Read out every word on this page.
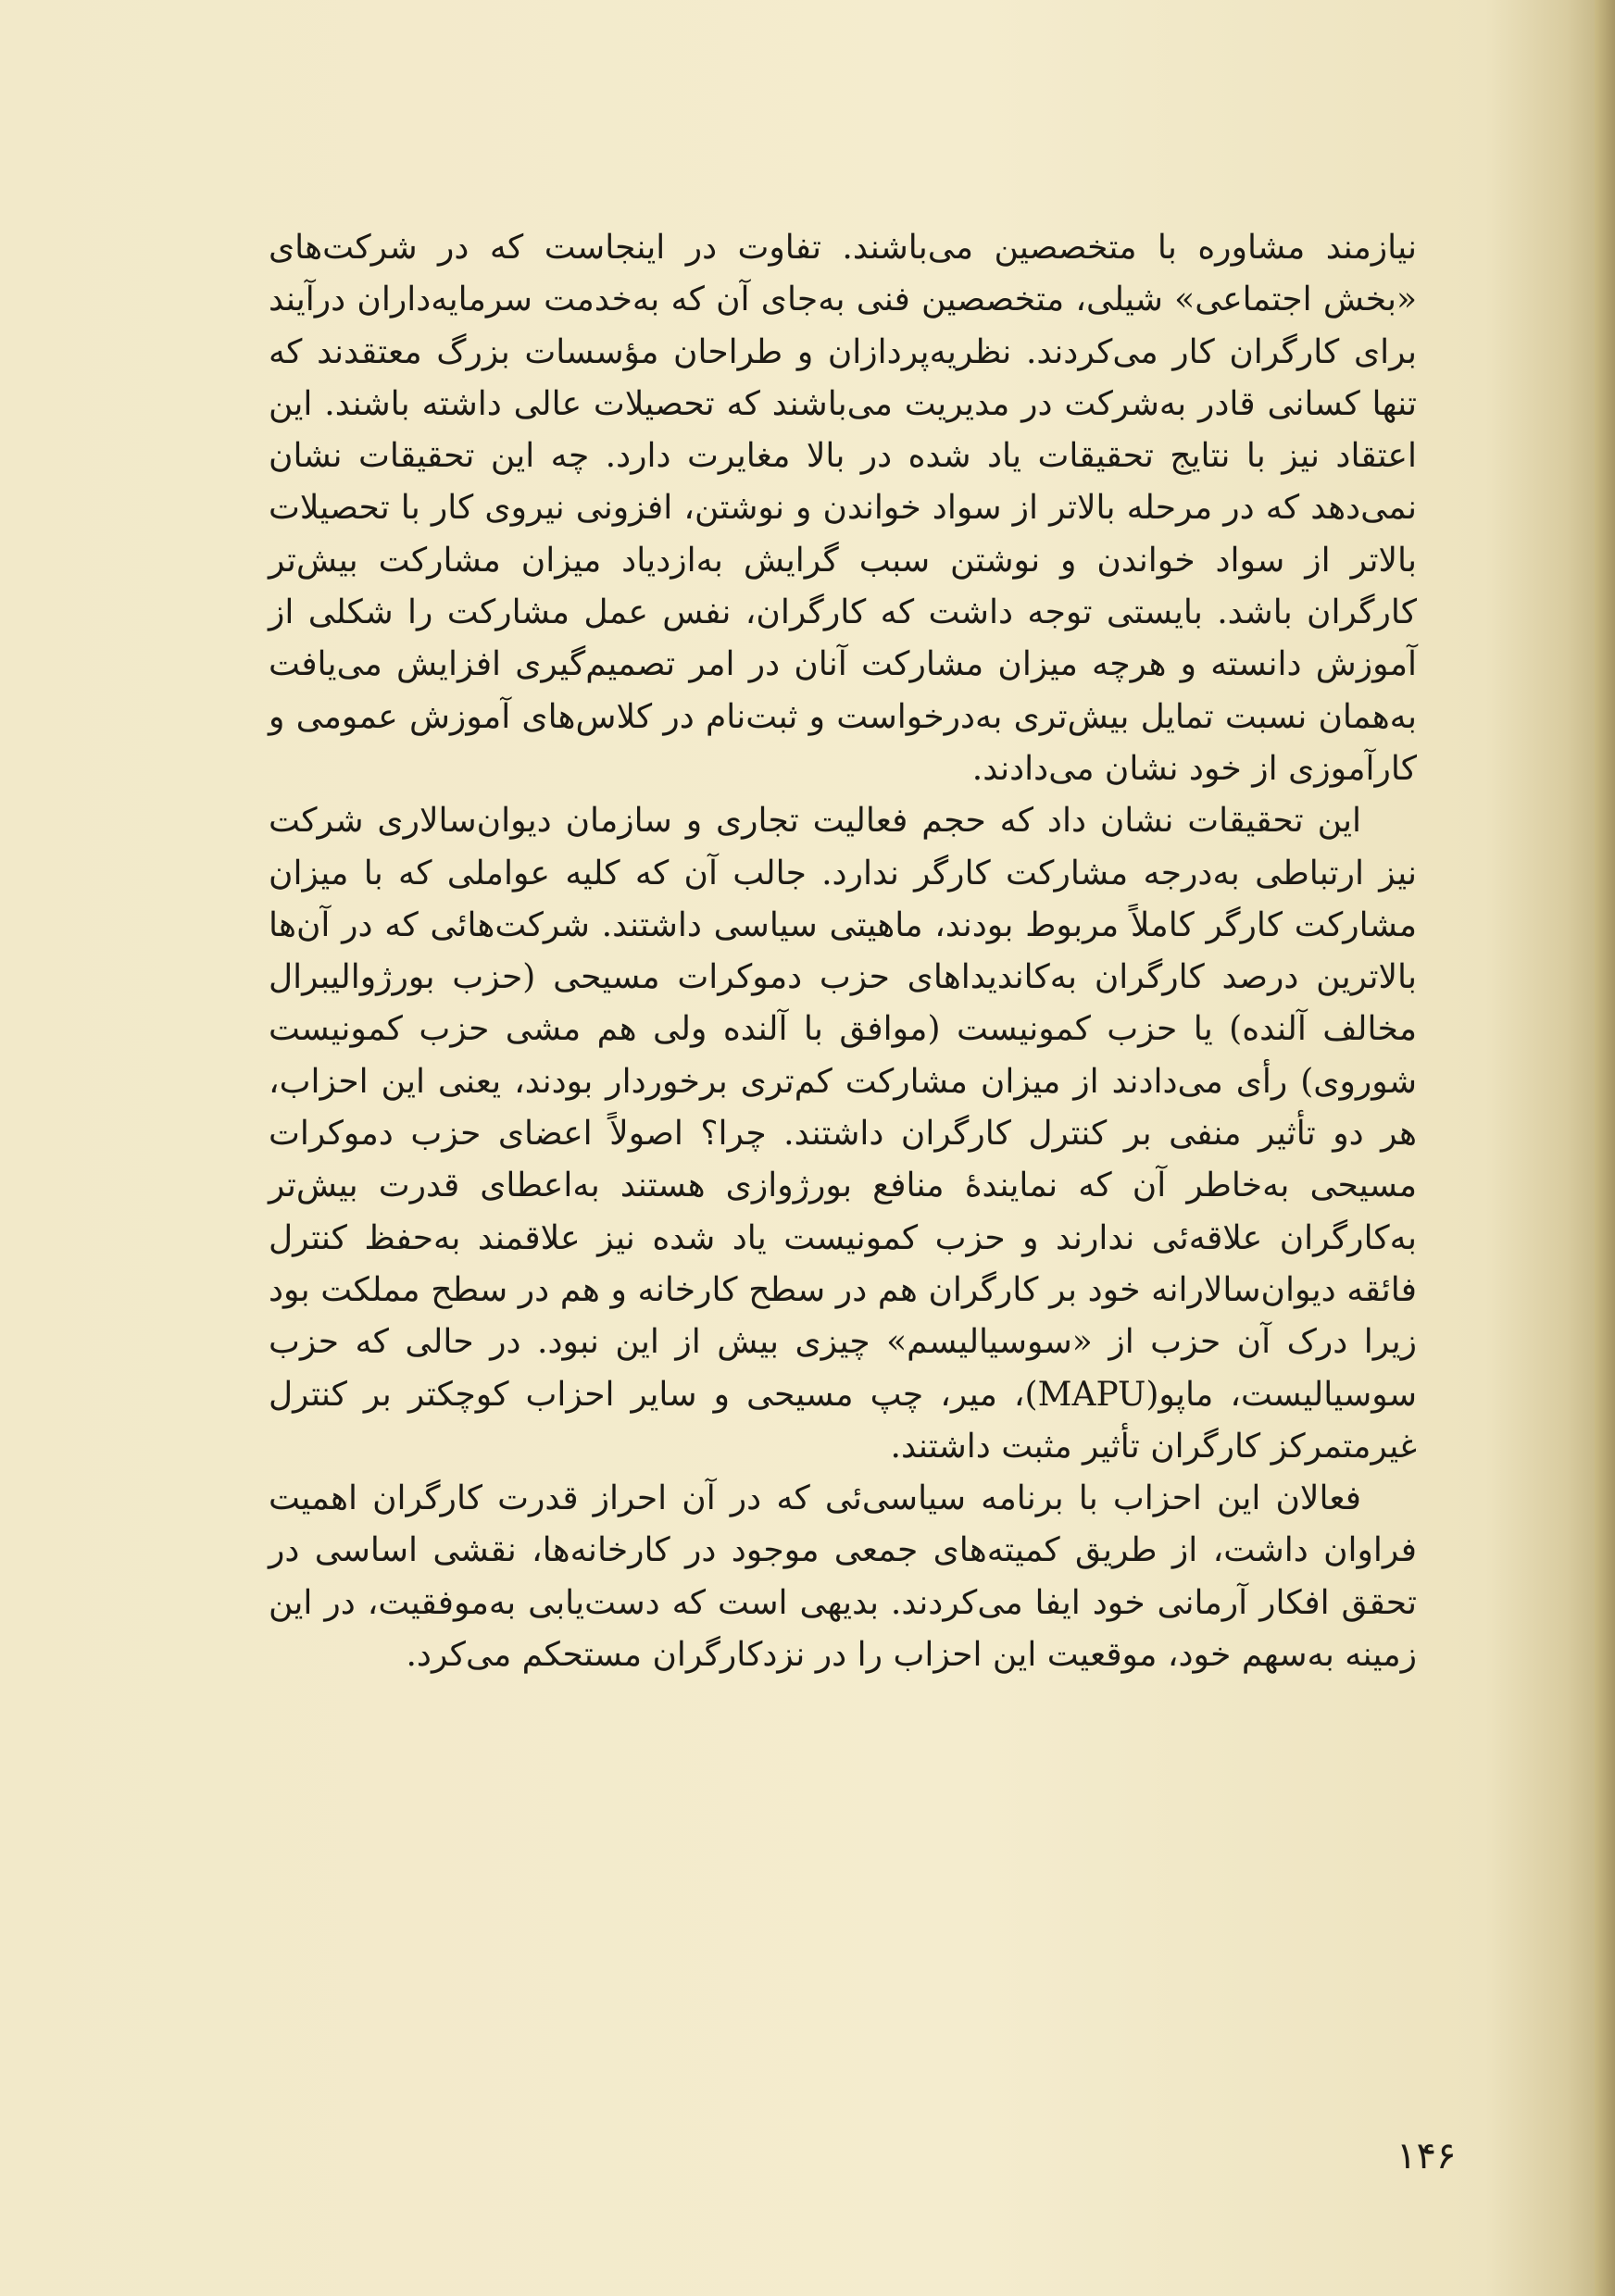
نیازمند مشاوره با متخصصین می‌باشند. تفاوت در اینجاست که در شرکت‌های «بخش اجتماعی» شیلی، متخصصین فنی به‌جای آن که به‌خدمت سرمایه‌داران درآیند برای کارگران کار می‌کردند. نظریه‌پردازان و طراحان مؤسسات بزرگ معتقدند که تنها کسانی قادر به‌شرکت در مدیریت می‌باشند که تحصیلات عالی داشته باشند. این اعتقاد نیز با نتایج تحقیقات یاد شده در بالا مغایرت دارد. چه این تحقیقات نشان نمی‌دهد که در مرحله بالاتر از سواد خواندن و نوشتن، افزونی نیروی کار با تحصیلات بالاتر از سواد خواندن و نوشتن سبب گرایش به‌ازدیاد میزان مشارکت بیش‌تر کارگران باشد. بایستی توجه داشت که کارگران، نفس عمل مشارکت را شکلی از آموزش دانسته و هرچه میزان مشارکت آنان در امر تصمیم‌گیری افزایش می‌یافت به‌همان نسبت تمایل بیش‌تری به‌درخواست و ثبت‌نام در کلاس‌های آموزش عمومی و کارآموزی از خود نشان می‌دادند.

این تحقیقات نشان داد که حجم فعالیت تجاری و سازمان دیوان‌سالاری شرکت نیز ارتباطی به‌درجه مشارکت کارگر ندارد. جالب آن که کلیه عواملی که با میزان مشارکت کارگر کاملاً مربوط بودند، ماهیتی سیاسی داشتند. شرکت‌هائی که در آن‌ها بالاترین درصد کارگران به‌کاندیداهای حزب دموکرات مسیحی (حزب بورژوالیبرال مخالف آلنده) یا حزب کمونیست (موافق با آلنده ولی هم مشی حزب کمونیست شوروی) رأی می‌دادند از میزان مشارکت کم‌تری برخوردار بودند، یعنی این احزاب، هر دو تأثیر منفی بر کنترل کارگران داشتند. چرا؟ اصولاً اعضای حزب دموکرات مسیحی به‌خاطر آن که نمایندهٔ منافع بورژوازی هستند به‌اعطای قدرت بیش‌تر به‌کارگران علاقه‌ئی ندارند و حزب کمونیست یاد شده نیز علاقمند به‌حفظ کنترل فائقه دیوان‌سالارانه خود بر کارگران هم در سطح کارخانه و هم در سطح مملکت بود زیرا درک آن حزب از «سوسیالیسم» چیزی بیش از این نبود. در حالی که حزب سوسیالیست، ماپو(MAPU)، میر، چپ مسیحی و سایر احزاب کوچکتر بر کنترل غیرمتمرکز کارگران تأثیر مثبت داشتند.

فعالان این احزاب با برنامه سیاسی‌ئی که در آن احراز قدرت کارگران اهمیت فراوان داشت، از طریق کمیته‌های جمعی موجود در کارخانه‌ها، نقشی اساسی در تحقق افکار آرمانی خود ایفا می‌کردند. بدیهی است که دست‌یابی به‌موفقیت، در این زمینه به‌سهم خود، موقعیت این احزاب را در نزدکارگران مستحکم می‌کرد.

۱۴۶
